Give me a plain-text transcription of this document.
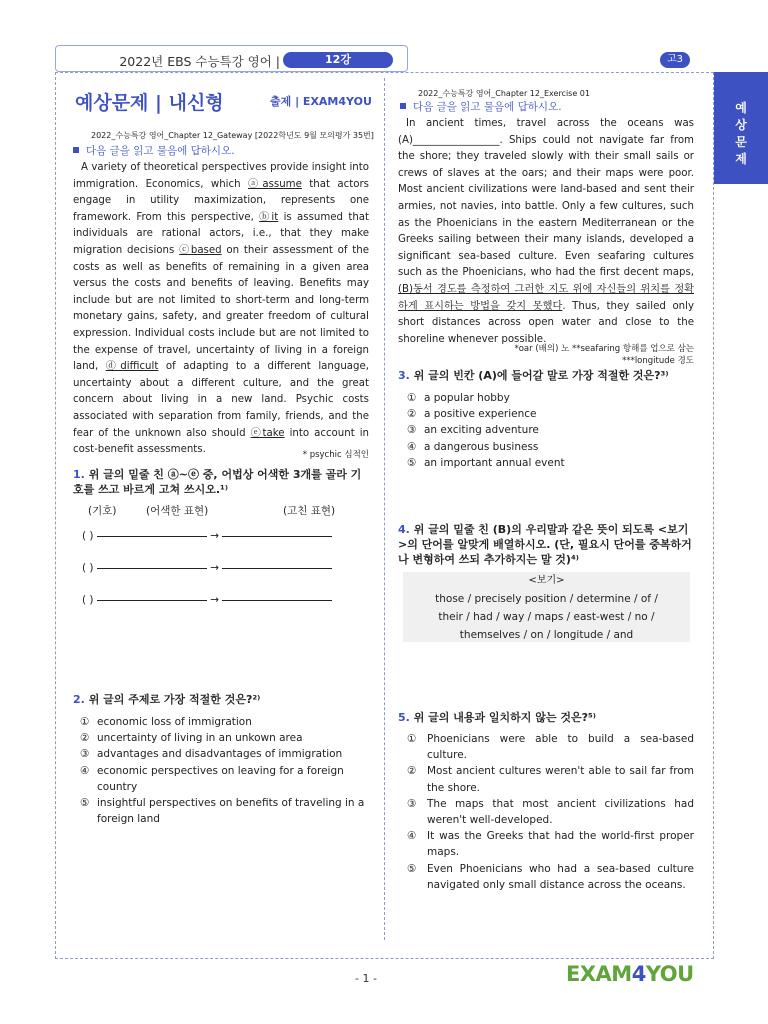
2022년 EBS 수능특강 영어 |	12강	고3
예상문제
예상문제 | 내신형	출제 | EXAM4YOU
2022_수능특강 영어_Chapter 12_Gateway [2022학년도 9월 모의평가 35번]
다음 글을 읽고 물음에 답하시오.
A variety of theoretical perspectives provide insight into immigration. Economics, which ⓐassume that actors engage in utility maximization, represents one framework. From this perspective, ⓑit is assumed that individuals are rational actors, i.e., that they make migration decisions ⓒbased on their assessment of the costs as well as benefits of remaining in a given area versus the costs and benefits of leaving. Benefits may include but are not limited to short-term and long-term monetary gains, safety, and greater freedom of cultural expression. Individual costs include but are not limited to the expense of travel, uncertainty of living in a foreign land, ⓓdifficult of adapting to a different language, uncertainty about a different culture, and the great concern about living in a new land. Psychic costs associated with separation from family, friends, and the fear of the unknown also should ⓔtake into account in cost-benefit assessments.	* psychic 심적인
1. 위 글의 밑줄 친 ⓐ~ⓔ 중, 어법상 어색한 3개를 골라 기호를 쓰고 바르게 고쳐 쓰시오.¹⁾
(기호)	(어색한 표현)	(고친 표현)
( )	→
( )	→
( )	→
2. 위 글의 주제로 가장 적절한 것은?²⁾
① economic loss of immigration
② uncertainty of living in an unkown area
③ advantages and disadvantages of immigration
④ economic perspectives on leaving for a foreign country
⑤ insightful perspectives on benefits of traveling in a foreign land
2022_수능특강 영어_Chapter 12_Exercise 01
다음 글을 읽고 물음에 답하시오.
In ancient times, travel across the oceans was (A)_________________. Ships could not navigate far from the shore; they traveled slowly with their small sails or crews of slaves at the oars; and their maps were poor. Most ancient civilizations were land-based and sent their armies, not navies, into battle. Only a few cultures, such as the Phoenicians in the eastern Mediterranean or the Greeks sailing between their many islands, developed a significant sea-based culture. Even seafaring cultures such as the Phoenicians, who had the first decent maps, (B)동서 경도를 측정하여 그러한 지도 위에 자신들의 위치를 정확하게 표시하는 방법을 갖지 못했다. Thus, they sailed only short distances across open water and close to the shoreline whenever possible.
*oar (배의) 노 **seafaring 항해를 업으로 삼는
***longitude 경도
3. 위 글의 빈칸 (A)에 들어갈 말로 가장 적절한 것은?³⁾
① a popular hobby
② a positive experience
③ an exciting adventure
④ a dangerous business
⑤ an important annual event
4. 위 글의 밑줄 친 (B)의 우리말과 같은 뜻이 되도록 <보기>의 단어를 알맞게 배열하시오. (단, 필요시 단어를 중복하거나 변형하여 쓰되 추가하지는 말 것)⁴⁾
<보기>
those / precisely position / determine / of /
their / had / way / maps / east-west / no /
themselves / on / longitude / and
5. 위 글의 내용과 일치하지 않는 것은?⁵⁾
① Phoenicians were able to build a sea-based culture.
② Most ancient cultures weren't able to sail far from the shore.
③ The maps that most ancient civilizations had weren't well-developed.
④ It was the Greeks that had the world-first proper maps.
⑤ Even Phoenicians who had a sea-based culture navigated only small distance across the oceans.
- 1 -	EXAM4YOU
